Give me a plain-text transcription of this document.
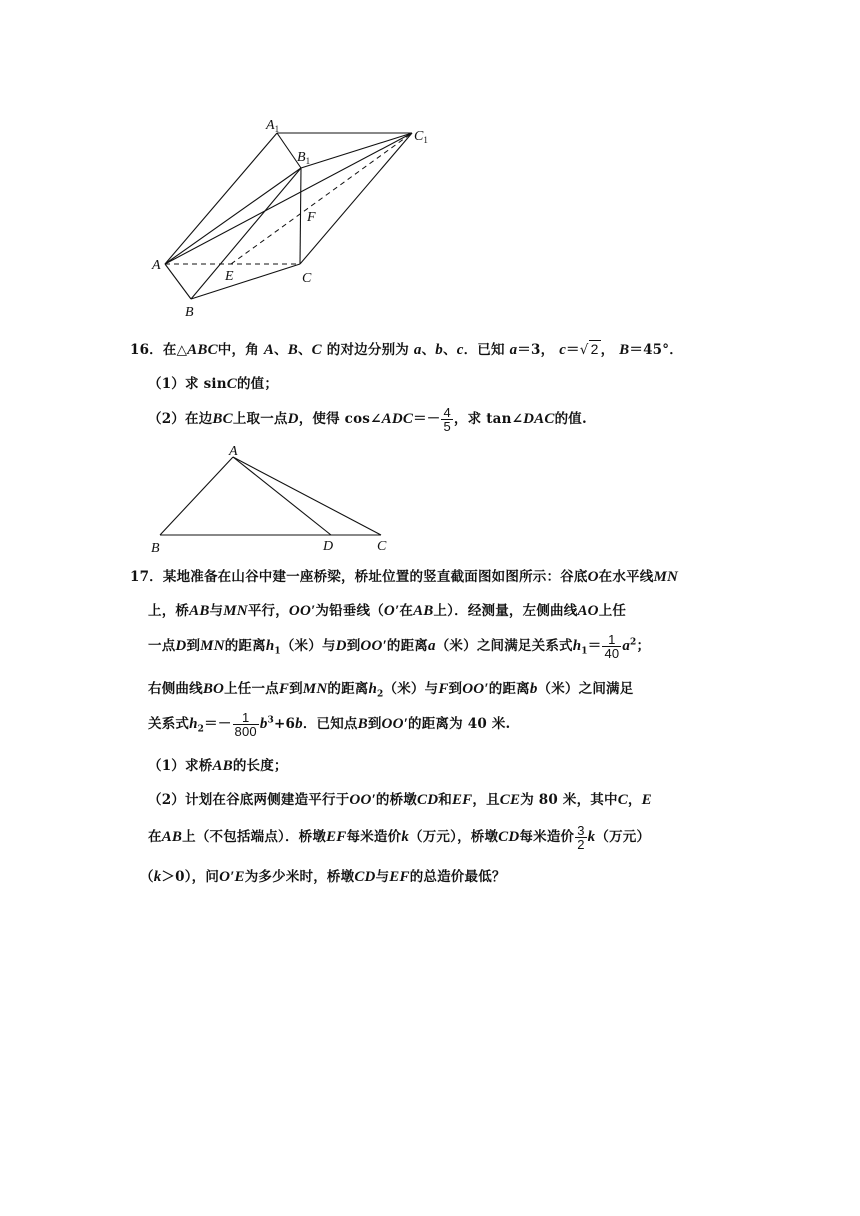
$A_1$
$B_1$
$C_1$
A
B
C
E
F
16．在△ABC中，角 A、B、C 的对边分别为 a、b、c．已知 a＝3， c＝√ 2 ， B＝45°．
（1）求 sinC的值；
（2）在边BC上取一点D，使得 cos∠ADC＝－ $\frac{4}{5}$ ，求 tan∠DAC的值.
A
B	D	C
17．某地准备在山谷中建一座桥梁，桥址位置的竖直截面图如图所示：谷底O在水平线MN
上，桥AB与MN平行，OO′为铅垂线（O′在AB上）．经测量，左侧曲线AO上任
一点D到MN的距离$h_1$（米）与D到OO′的距离a（米）之间满足关系式$h_1= \frac{1}{40} a^2$；
右侧曲线BO上任一点F到MN的距离$h_2$（米）与F到OO′的距离b（米）之间满足
关系式$h_2=- \frac{1}{800} b^3+6b$．已知点B到OO′的距离为 40 米.
（1）求桥AB的长度；
（2）计划在谷底两侧建造平行于OO′的桥墩CD和EF，且CE为 80 米，其中C，E
在AB上（不包括端点）．桥墩EF每米造价k（万元），桥墩CD每米造价 $\frac{3}{2} k$（万元）
（k＞0），问O′E为多少米时，桥墩CD与EF的总造价最低？
